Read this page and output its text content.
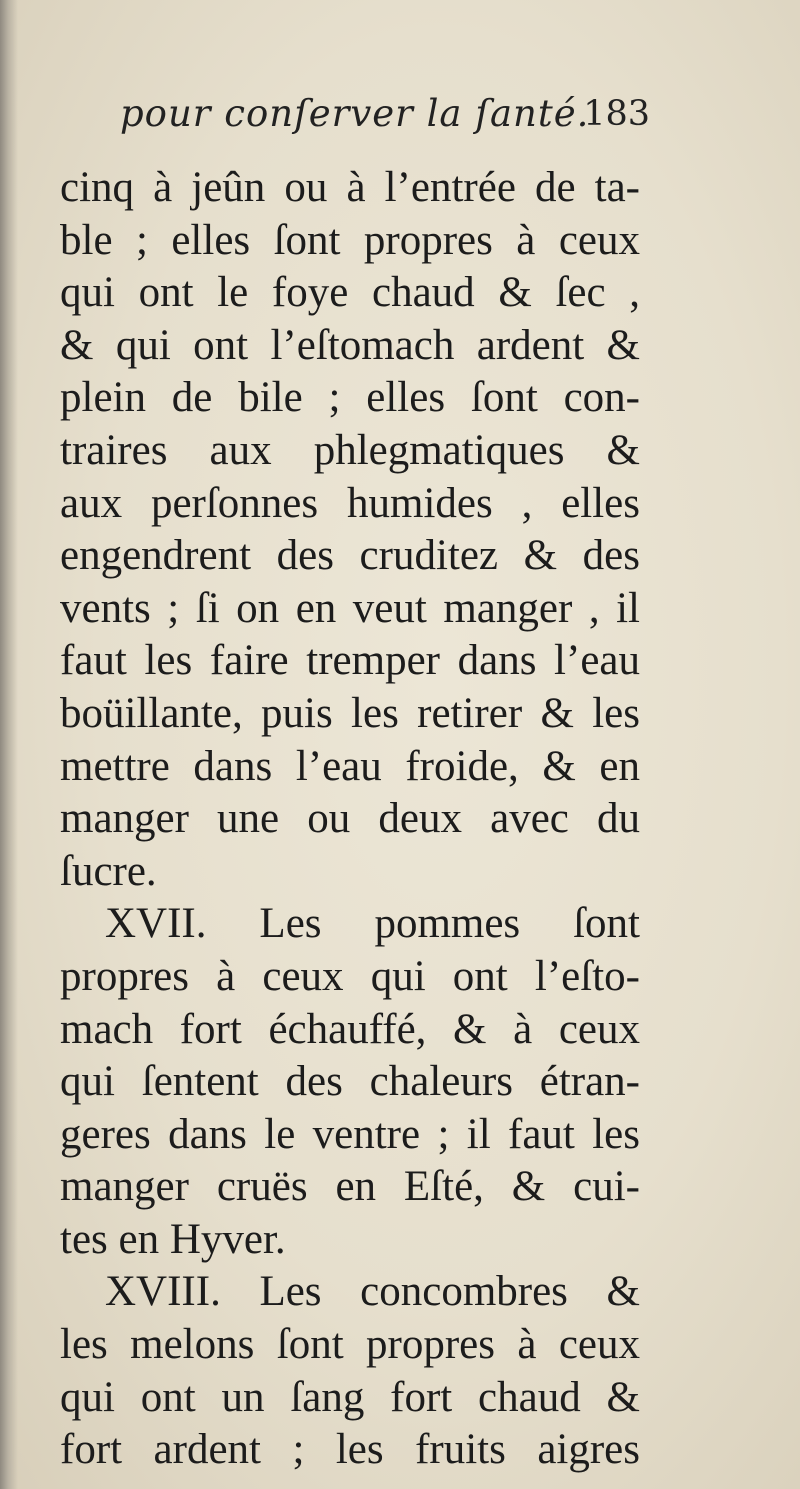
pour conſerver la ſanté.
183
cinq à jeûn ou à l’entrée de ta-
ble ; elles ſont propres à ceux
qui ont le foye chaud & ſec ,
& qui ont l’eſtomach ardent &
plein de bile ; elles ſont con-
traires aux phlegmatiques &
aux perſonnes humides , elles
engendrent des cruditez & des
vents ; ſi on en veut manger , il
faut les faire tremper dans l’eau
boüillante, puis les retirer & les
mettre dans l’eau froide, & en
manger une ou deux avec du
ſucre.
XVII. Les pommes ſont
propres à ceux qui ont l’eſto-
mach fort échauffé, & à ceux
qui ſentent des chaleurs étran-
geres dans le ventre ; il faut les
manger cruës en Eſté, & cui-
tes en Hyver.
XVIII. Les concombres &
les melons ſont propres à ceux
qui ont un ſang fort chaud &
fort ardent ; les fruits aigres
